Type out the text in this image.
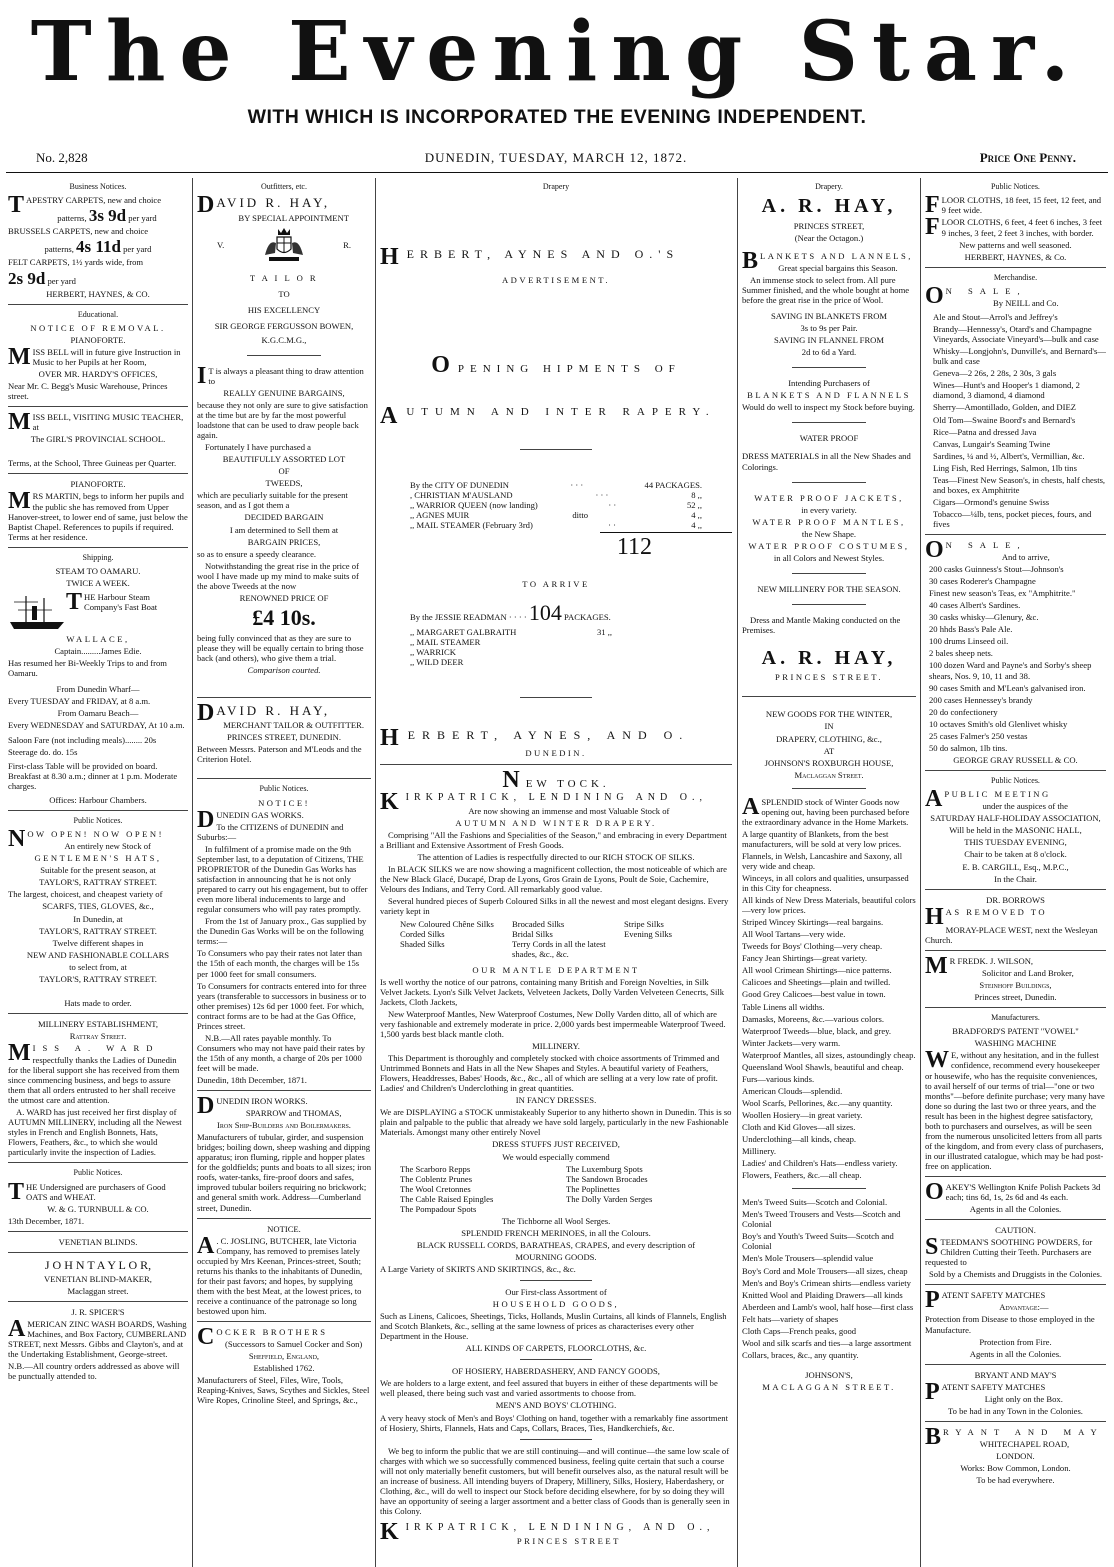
The Evening Star.
WITH WHICH IS INCORPORATED THE EVENING INDEPENDENT.
No. 2,828	DUNEDIN, TUESDAY, MARCH 12, 1872.	Price One Penny.
Business Notices.
TAPESTRY CARPETS, new and choice
patterns, 3s 9d per yard
BRUSSELS CARPETS, new and choice
patterns, 4s 11d per yard
FELT CARPETS, 1½ yards wide, from
2s 9d per yard
HERBERT, HAYNES, & CO.
Educational.
NOTICE OF REMOVAL.
PIANOFORTE.
MISS BELL will in future give Instruction in Music to her Pupils at her Room,
OVER MR. HARDY'S OFFICES,
Near Mr. C. Begg's Music Warehouse, Princes street.
MISS BELL, VISITING MUSIC TEACHER, at
The GIRL'S PROVINCIAL SCHOOL.
Terms, at the School, Three Guineas per Quarter.
PIANOFORTE.
MRS MARTIN, begs to inform her pupils and the public she has removed from Upper Hanover-street, to lower end of same, just below the Baptist Chapel. References to pupils if required. Terms at her residence.
Shipping.
STEAM TO OAMARU.
TWICE A WEEK.
THE Harbour Steam Company's Fast Boat
WALLACE,
Captain.........James Edie.
Has resumed her Bi-Weekly Trips to and from Oamaru.
From Dunedin Wharf—
Every TUESDAY and FRIDAY, at 8 a.m.
From Oamaru Beach—
Every WEDNESDAY and SATURDAY, At 10 a.m.
Saloon Fare (not including meals)........ 20s
Steerage do. do. 15s
First-class Table will be provided on board. Breakfast at 8.30 a.m.; dinner at 1 p.m. Moderate charges.
Offices: Harbour Chambers.
Public Notices.
NOW OPEN! NOW OPEN!
An entirely new Stock of
GENTLEMEN'S HATS,
Suitable for the present season, at
TAYLOR'S, RATTRAY STREET.
The largest, choicest, and cheapest variety of
SCARFS, TIES, GLOVES, &c.,
In Dunedin, at
TAYLOR'S, RATTRAY STREET.
Twelve different shapes in
NEW AND FASHIONABLE COLLARS
to select from, at
TAYLOR'S, RATTRAY STREET.
Hats made to order.
MILLINERY ESTABLISHMENT,
Rattray Street.
MISS A. WARD
respectfully thanks the Ladies of Dunedin for the liberal support she has received from them since commencing business, and begs to assure them that all orders entrusted to her shall receive the utmost care and attention.
A. WARD has just received her first display of AUTUMN MILLINERY, including all the Newest styles in French and English Bonnets, Hats, Flowers, Feathers, &c., to which she would particularly invite the inspection of Ladies.
Public Notices.
THE Undersigned are purchasers of Good OATS and WHEAT.
W. & G. TURNBULL & CO.
13th December, 1871.
VENETIAN BLINDS.
J O H N T A Y L O R,
VENETIAN BLIND-MAKER,
Maclaggan street.
J. R. SPICER'S
AMERICAN ZINC WASH BOARDS, Washing Machines, and Box Factory, CUMBERLAND STREET, next Messrs. Gibbs and Clayton's, and at the Undertaking Establishment, George-street.
N.B.—All country orders addressed as above will be punctually attended to.
Outfitters, etc.
DAVID R. HAY,
BY SPECIAL APPOINTMENT
V.	R.
T A I L O R
TO
HIS EXCELLENCY
SIR GEORGE FERGUSSON BOWEN,
K.G.C.M.G.,
I T is always a pleasant thing to draw attention to
REALLY GENUINE BARGAINS,
because they not only are sure to give satisfaction at the time but are by far the most powerful loadstone that can be used to draw people back again.
Fortunately I have purchased a
BEAUTIFULLY ASSORTED LOT
OF
TWEEDS,
which are peculiarly suitable for the present season, and as I got them a
DECIDED BARGAIN
I am determined to Sell them at
BARGAIN PRICES,
so as to ensure a speedy clearance.
Notwithstanding the great rise in the price of wool I have made up my mind to make suits of the above Tweeds at the now
RENOWNED PRICE OF
£4 10s.
being fully convinced that as they are sure to please they will be equally certain to bring those back (and others), who give them a trial.
Comparison courted.
DAVID R. HAY,
MERCHANT TAILOR & OUTFITTER.
PRINCES STREET, DUNEDIN.
Between Messrs. Paterson and M'Leods and the Criterion Hotel.
Public Notices.
NOTICE!
DUNEDIN GAS WORKS.
To the CITIZENS of DUNEDIN and Suburbs:—
In fulfilment of a promise made on the 9th September last, to a deputation of Citizens, THE PROPRIETOR of the Dunedin Gas Works has satisfaction in announcing that he is not only prepared to carry out his engagement, but to offer even more liberal inducements to large and regular consumers who will pay rates promptly.
From the 1st of January prox., Gas supplied by the Dunedin Gas Works will be on the following terms:—
To Consumers who pay their rates not later than the 15th of each month, the charges will be 15s per 1000 feet for small consumers.
To Consumers for contracts entered into for three years (transferable to successors in business or to other premises) 12s 6d per 1000 feet. For which, contract forms are to be had at the Gas Office, Princes street.
N.B.—All rates payable monthly. To Consumers who may not have paid their rates by the 15th of any month, a charge of 20s per 1000 feet will be made.
Dunedin, 18th December, 1871.
DUNEDIN IRON WORKS.
SPARROW and THOMAS,
Iron Ship-Builders and Boilermakers.
Manufacturers of tubular, girder, and suspension bridges; boiling down, sheep washing and dipping apparatus; iron fluming, ripple and hopper plates for the goldfields; punts and boats to all sizes; iron roofs, water-tanks, fire-proof doors and safes, improved tubular boilers requiring no brickwork; and general smith work. Address—Cumberland street, Dunedin.
NOTICE.
A . C. JOSLING, BUTCHER, late Victoria Company, has removed to premises lately occupied by Mrs Keenan, Princes-street, South; returns his thanks to the inhabitants of Dunedin, for their past favors; and hopes, by supplying them with the best Meat, at the lowest prices, to receive a continuance of the patronage so long bestowed upon him.
COCKER BROTHERS
(Successors to Samuel Cocker and Son)
Sheffield, England,
Established 1762.
Manufacturers of Steel, Files, Wire, Tools, Reaping-Knives, Saws, Scythes and Sickles, Steel Wire Ropes, Crinoline Steel, and Springs, &c.,
Drapery
HERBERT, AYNES AND O.'S
ADVERTISEMENT.
OPENING HIPMENTS OF
AUTUMN AND INTER RAPERY.
By the CITY OF DUNEDIN	· · ·	44 PACKAGES.
, CHRISTIAN M'AUSLAND	· · ·	8 ,,
,, WARRIOR QUEEN (now landing)	· ·	52 ,,
,, AGNES MUIR	ditto	4 ,,
,, MAIL STEAMER (February 3rd)	· ·	4 ,,
112
TO ARRIVE
By the JESSIE READMAN · · · · 104 PACKAGES.
,, MARGARET GALBRAITH	31 ,,
,, MAIL STEAMER
,, WARRICK
,, WILD DEER
HERBERT, AYNES, AND O.
DUNEDIN.
NEW TOCK.
KIRKPATRICK, LENDINING AND O.,
Are now showing an immense and most Valuable Stock of
AUTUMN AND WINTER DRAPERY.
Comprising "All the Fashions and Specialities of the Season," and embracing in every Department a Brilliant and Extensive Assortment of Fresh Goods.
The attention of Ladies is respectfully directed to our RICH STOCK OF SILKS.
In BLACK SILKS we are now showing a magnificent collection, the most noticeable of which are the New Black Glacé, Ducapé, Drap de Lyons, Gros Grain de Lyons, Poult de Soie, Cachemire, Velours des Indians, and Terry Cord. All remarkably good value.
Several hundred pieces of Superb Coloured Silks in all the newest and most elegant designs. Every variety kept in
New Coloured Chêne Silks	Brocaded Silks	Stripe Silks
Corded Silks	Bridal Silks	Evening Silks
Shaded Silks	Terry Cords in all the latest shades, &c., &c.
OUR MANTLE DEPARTMENT
Is well worthy the notice of our patrons, containing many British and Foreign Novelties, in Silk Velvet Jackets. Lyon's Silk Velvet Jackets, Velveteen Jackets, Dolly Varden Velveteen Cenecrts, Silk Jackets, Cloth Jackets,
New Waterproof Mantles, New Waterproof Costumes, New Dolly Varden ditto, all of which are very fashionable and extremely moderate in price. 2,000 yards best impermeable Waterproof Tweed. 1,500 yards best black mantle cloth.
MILLINERY.
This Department is thoroughly and completely stocked with choice assortments of Trimmed and Untrimmed Bonnets and Hats in all the New Shapes and Styles. A beautiful variety of Feathers, Flowers, Headdresses, Babes' Hoods, &c., &c., all of which are selling at a very low rate of profit. Ladies' and Children's Underclothing in great quantities.
IN FANCY DRESSES.
We are DISPLAYING a STOCK unmistakeably Superior to any hitherto shown in Dunedin. This is so plain and palpable to the public that already we have sold largely, particularly in the new Fashionable Materials. Amongst many other entirely Novel
DRESS STUFFS JUST RECEIVED,
We would especially commend
The Scarboro Repps	The Luxemburg Spots
The Coblentz Prunes	The Sandown Brocades
The Wool Cretonnes	The Poplinettes
The Cable Raised Epingles	The Dolly Varden Serges
The Pompadour Spots
The Tichborne all Wool Serges.
SPLENDID FRENCH MERINOES, in all the Colours.
BLACK RUSSELL CORDS, BARATHEAS, CRAPES, and every description of
MOURNING GOODS.
A Large Variety of SKIRTS AND SKIRTINGS, &c., &c.
Our First-class Assortment of
HOUSEHOLD GOODS,
Such as Linens, Calicoes, Sheetings, Ticks, Hollands, Muslin Curtains, all kinds of Flannels, English and Scotch Blankets, &c., selling at the same lowness of prices as characterises every other Department in the House.
ALL KINDS OF CARPETS, FLOORCLOTHS, &c.
OF HOSIERY, HABERDASHERY, AND FANCY GOODS,
We are holders to a large extent, and feel assured that buyers in either of these departments will be well pleased, there being such vast and varied assortments to choose from.
MEN'S AND BOYS' CLOTHING.
A very heavy stock of Men's and Boys' Clothing on hand, together with a remarkably fine assortment of Hosiery, Shirts, Flannels, Hats and Caps, Collars, Braces, Ties, Handkerchiefs, &c.
We beg to inform the public that we are still continuing—and will continue—the same low scale of charges with which we so successfully commenced business, feeling quite certain that such a course will not only materially benefit customers, but will benefit ourselves also, as the natural result will be an increase of business. All intending buyers of Drapery, Millinery, Silks, Hosiery, Haberdashery, or Clothing, &c., will do well to inspect our Stock before deciding elsewhere, for by so doing they will have an opportunity of seeing a larger assortment and a better class of Goods than is generally seen in this Colony.
KIRKPATRICK, LENDINING, AND O.,
PRINCES STREET
Drapery.
A. R. HAY,
PRINCES STREET,
(Near the Octagon.)
BLANKETS AND LANNELS,
Great special bargains this Season.
An immense stock to select from. All pure Summer finished, and the whole bought at home before the great rise in the price of Wool.
SAVING IN BLANKETS FROM
3s to 9s per Pair.
SAVING IN FLANNEL FROM
2d to 6d a Yard.
Intending Purchasers of
BLANKETS AND FLANNELS
Would do well to inspect my Stock before buying.
WATER PROOF
DRESS MATERIALS in all the New Shades and Colorings.
WATER PROOF JACKETS,
in every variety.
WATER PROOF MANTLES,
the New Shape.
WATER PROOF COSTUMES,
in all Colors and Newest Styles.
NEW MILLINERY FOR THE SEASON.
Dress and Mantle Making conducted on the Premises.
A. R. HAY,
PRINCES STREET.
NEW GOODS FOR THE WINTER,
IN
DRAPERY, CLOTHING, &c.,
AT
JOHNSON'S ROXBURGH HOUSE,
Maclaggan Street.
ASPLENDID stock of Winter Goods now opening out, having been purchased before the extraordinary advance in the Home Markets.
A large quantity of Blankets, from the best manufacturers, will be sold at very low prices.
Flannels, in Welsh, Lancashire and Saxony, all very wide and cheap.
Winceys, in all colors and qualities, unsurpassed in this City for cheapness.
All kinds of New Dress Materials, beautiful colors—very low prices.
Striped Wincey Skirtings—real bargains.
All Wool Tartans—very wide.
Tweeds for Boys' Clothing—very cheap.
Fancy Jean Shirtings—great variety.
All wool Crimean Shirtings—nice patterns.
Calicoes and Sheetings—plain and twilled.
Good Grey Calicoes—best value in town.
Table Linens all widths.
Damasks, Moreens, &c.—various colors.
Waterproof Tweeds—blue, black, and grey.
Winter Jackets—very warm.
Waterproof Mantles, all sizes, astoundingly cheap.
Queensland Wool Shawls, beautiful and cheap.
Furs—various kinds.
American Clouds—splendid.
Wool Scarfs, Pellorines, &c.—any quantity.
Woollen Hosiery—in great variety.
Cloth and Kid Gloves—all sizes.
Underclothing—all kinds, cheap.
Millinery.
Ladies' and Children's Hats—endless variety.
Flowers, Feathers, &c.—all cheap.
Men's Tweed Suits—Scotch and Colonial.
Men's Tweed Trousers and Vests—Scotch and Colonial
Boy's and Youth's Tweed Suits—Scotch and Colonial
Men's Mole Trousers—splendid value
Boy's Cord and Mole Trousers—all sizes, cheap
Men's and Boy's Crimean shirts—endless variety
Knitted Wool and Plaiding Drawers—all kinds
Aberdeen and Lamb's wool, half hose—first class
Felt hats—variety of shapes
Cloth Caps—French peaks, good
Wool and silk scarfs and ties—a large assortment
Collars, braces, &c., any quantity.
JOHNSON'S,
MACLAGGAN STREET.
Public Notices.
FLOOR CLOTHS, 18 feet, 15 feet, 12 feet, and 9 feet wide.
FLOOR CLOTHS, 6 feet, 4 feet 6 inches, 3 feet 9 inches, 3 feet, 2 feet 3 inches, with border.
New patterns and well seasoned.
HERBERT, HAYNES, & Co.
Merchandise.
O N SALE,
By NEILL and Co.
Ale and Stout—Arrol's and Jeffrey's
Brandy—Hennessy's, Otard's and Champagne Vineyards, Associate Vineyard's—bulk and case
Whisky—Longjohn's, Dunville's, and Bernard's—bulk and case
Geneva—2 26s, 2 28s, 2 30s, 3 gals
Wines—Hunt's and Hooper's 1 diamond, 2 diamond, 3 diamond, 4 diamond
Sherry—Amontillado, Golden, and DIEZ
Old Tom—Swaine Boord's and Bernard's
Rice—Patna and dressed Java
Canvas, Lungair's Seaming Twine
Sardines, ¼ and ½, Albert's, Vermillian, &c.
Ling Fish, Red Herrings, Salmon, 1lb tins
Teas—Finest New Season's, in chests, half chests, and boxes, ex Amphitrite
Cigars—Ormond's genuine Swiss
Tobacco—¼lb, tens, pocket pieces, fours, and fives
O N SALE,
And to arrive,
200 casks Guinness's Stout—Johnson's
30 cases Roderer's Champagne
Finest new season's Teas, ex "Amphitrite."
40 cases Albert's Sardines.
30 casks whisky—Glenury, &c.
20 hhds Bass's Pale Ale.
100 drums Linseed oil.
2 bales sheep nets.
100 dozen Ward and Payne's and Sorby's sheep shears, Nos. 9, 10, 11 and 38.
90 cases Smith and M'Lean's galvanised iron.
200 cases Hennessey's brandy
20 do confectionery
10 octaves Smith's old Glenlivet whisky
25 cases Falmer's 250 vestas
50 do salmon, 1lb tins.
GEORGE GRAY RUSSELL & CO.
Public Notices.
APUBLIC MEETING
under the auspices of the
SATURDAY HALF-HOLIDAY ASSOCIATION,
Will be held in the MASONIC HALL,
THIS TUESDAY EVENING,
Chair to be taken at 8 o'clock.
E. B. CARGILL, Esq., M.P.C.,
In the Chair.
DR. BORROWS
HAS REMOVED TO
MORAY-PLACE WEST, next the Wesleyan Church.
M R FREDK. J. WILSON,
Solicitor and Land Broker,
Steinhoff Buildings,
Princes street, Dunedin.
Manufacturers.
BRADFORD'S PATENT "VOWEL"
WASHING MACHINE
W E, without any hesitation, and in the fullest confidence, recommend every housekeeper or housewife, who has the requisite conveniences, to avail herself of our terms of trial—"one or two months"—before definite purchase; very many have done so during the last two or three years, and the result has been in the highest degree satisfactory, both to purchasers and ourselves, as will be seen from the numerous unsolicited letters from all parts of the kingdom, and from every class of purchasers, in our illustrated catalogue, which may be had post-free on application.
OAKEY'S Wellington Knife Polish Packets 3d each; tins 6d, 1s, 2s 6d and 4s each.
Agents in all the Colonies.
CAUTION.
STEEDMAN'S SOOTHING POWDERS, for Children Cutting their Teeth. Purchasers are requested to
Sold by a Chemists and Druggists in the Colonies.
PATENT SAFETY MATCHES
Advantage:—
Protection from Disease to those employed in the Manufacture.
Protection from Fire.
Agents in all the Colonies.
BRYANT AND MAY'S
PATENT SAFETY MATCHES
Light only on the Box.
To be had in any Town in the Colonies.
BRYANT AND MAY
WHITECHAPEL ROAD,
LONDON.
Works: Bow Common, London.
To be had everywhere.
